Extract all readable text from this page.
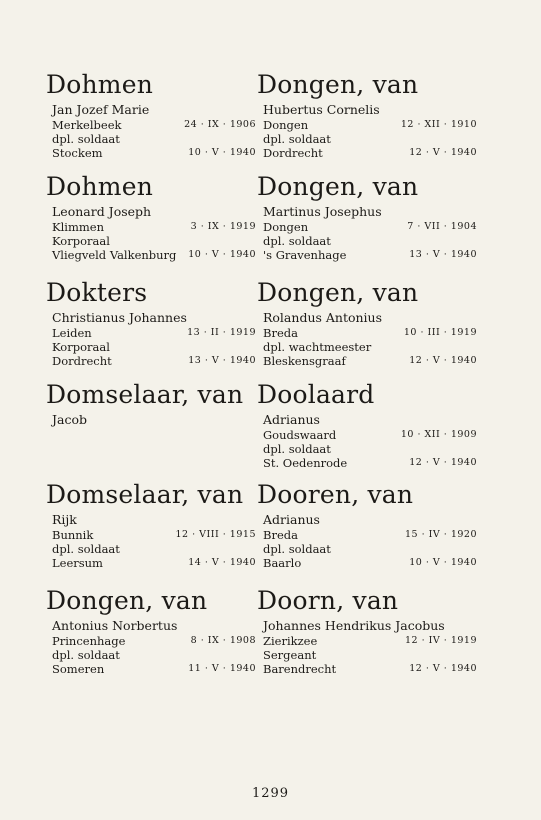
Dohmen
Jan Jozef Marie
Merkelbeek	24 · IX · 1906
dpl. soldaat
Stockem	10 · V · 1940
Dohmen
Leonard Joseph
Klimmen	3 · IX · 1919
Korporaal
Vliegveld Valkenburg 10 · V · 1940
Dokters
Christianus Johannes
Leiden	13 · II · 1919
Korporaal
Dordrecht	13 · V · 1940
Domselaar, van
Jacob
Domselaar, van
Rijk
Bunnik	12 · VIII · 1915
dpl. soldaat
Leersum	14 · V · 1940
Dongen, van
Antonius Norbertus
Princenhage	8 · IX · 1908
dpl. soldaat
Someren	11 · V · 1940
Dongen, van
Hubertus Cornelis
Dongen	12 · XII · 1910
dpl. soldaat
Dordrecht	12 · V · 1940
Dongen, van
Martinus Josephus
Dongen	7 · VII · 1904
dpl. soldaat
's Gravenhage	13 · V · 1940
Dongen, van
Rolandus Antonius
Breda	10 · III · 1919
dpl. wachtmeester
Bleskensgraaf	12 · V · 1940
Doolaard
Adrianus
Goudswaard	10 · XII · 1909
dpl. soldaat
St. Oedenrode	12 · V · 1940
Dooren, van
Adrianus
Breda	15 · IV · 1920
dpl. soldaat
Baarlo	10 · V · 1940
Doorn, van
Johannes Hendrikus Jacobus
Zierikzee	12 · IV · 1919
Sergeant
Barendrecht	12 · V · 1940
1299
